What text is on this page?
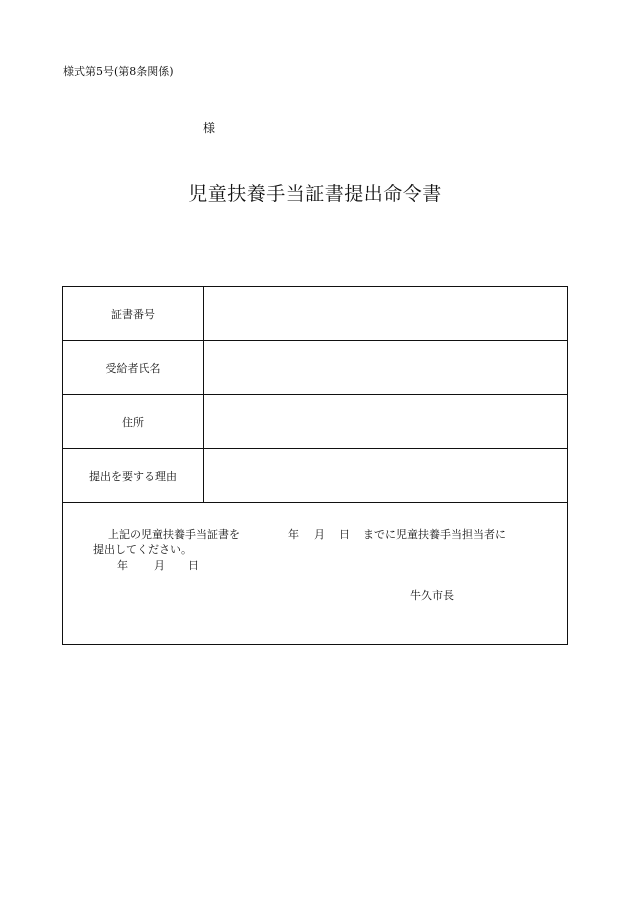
様式第5号(第8条関係)
様
児童扶養手当証書提出命令書
証書番号
受給者氏名
住所
提出を要する理由
上記の児童扶養手当証書を	年 月 日 までに児童扶養手当担当者に
提出してください。
年 月 日
牛久市長
